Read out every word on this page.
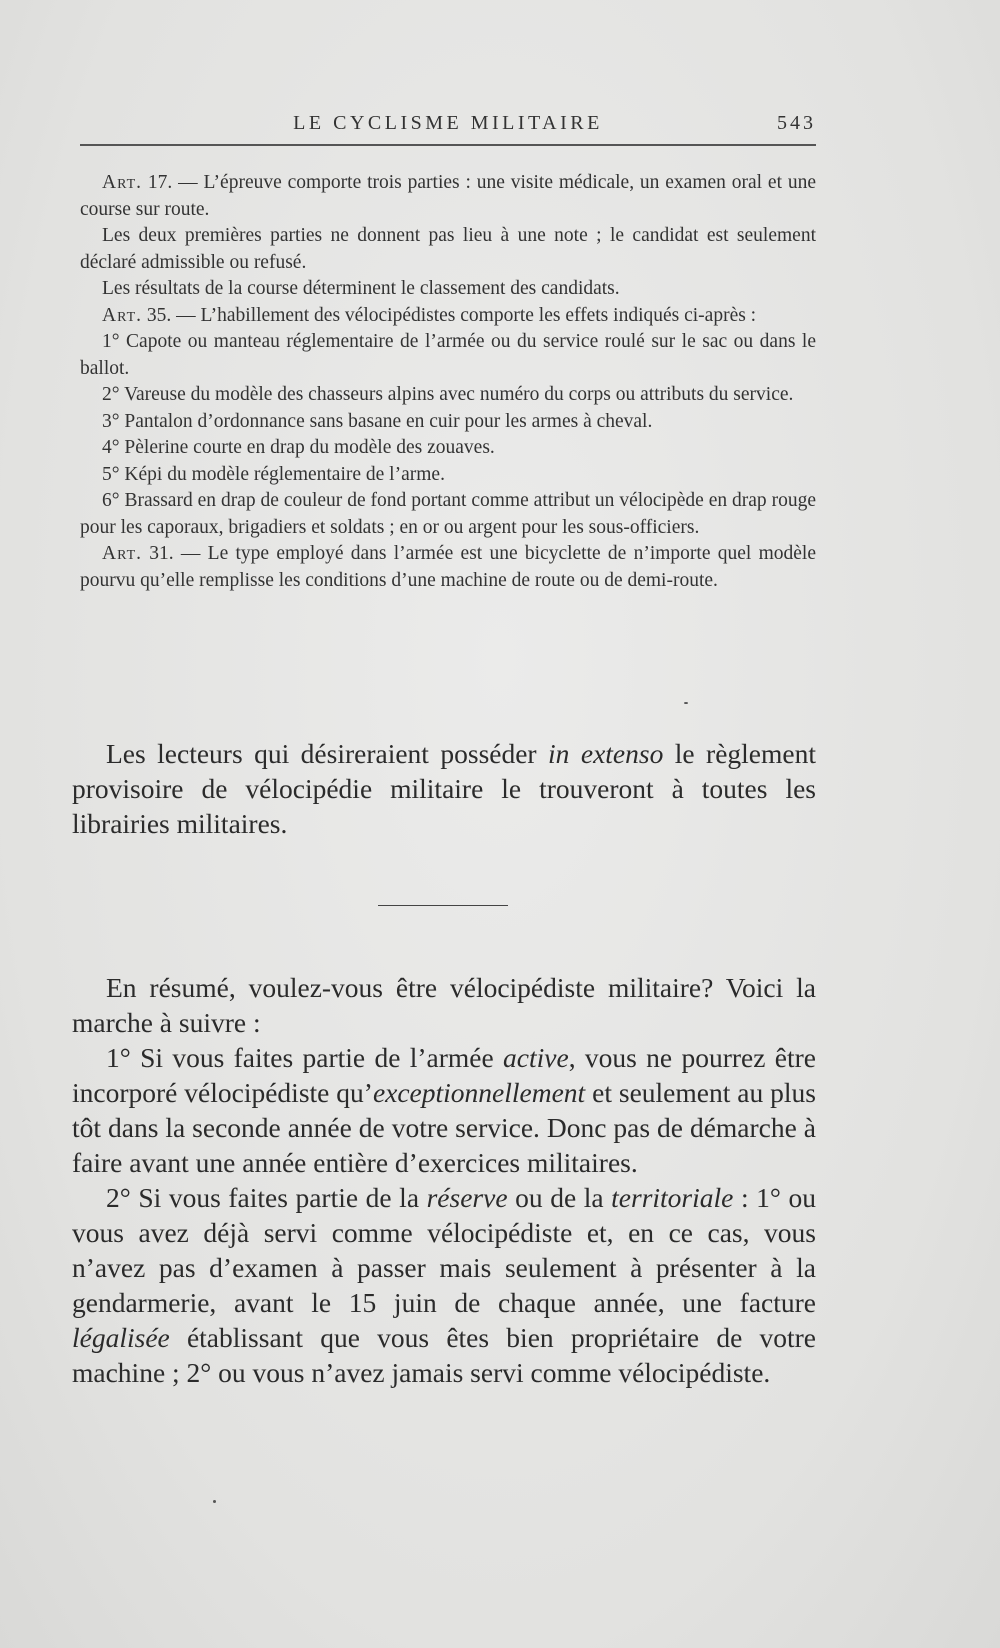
LE CYCLISME MILITAIRE	543

Art. 17. — L’épreuve comporte trois parties : une visite médicale, un examen oral et une course sur route.

Les deux premières parties ne donnent pas lieu à une note ; le candidat est seulement déclaré admissible ou refusé.

Les résultats de la course déterminent le classement des candidats.

Art. 35. — L’habillement des vélocipédistes comporte les effets indiqués ci-après :

1° Capote ou manteau réglementaire de l’armée ou du service roulé sur le sac ou dans le ballot.

2° Vareuse du modèle des chasseurs alpins avec numéro du corps ou attributs du service.

3° Pantalon d’ordonnance sans basane en cuir pour les armes à cheval.

4° Pèlerine courte en drap du modèle des zouaves.

5° Képi du modèle réglementaire de l’arme.

6° Brassard en drap de couleur de fond portant comme attribut un vélocipède en drap rouge pour les caporaux, brigadiers et soldats ; en or ou argent pour les sous-officiers.

Art. 31. — Le type employé dans l’armée est une bicyclette de n’importe quel modèle pourvu qu’elle remplisse les conditions d’une machine de route ou de demi-route.

Les lecteurs qui désireraient posséder in extenso le règlement provisoire de vélocipédie militaire le trouveront à toutes les librairies militaires.

En résumé, voulez-vous être vélocipédiste militaire? Voici la marche à suivre :

1° Si vous faites partie de l’armée active, vous ne pourrez être incorporé vélocipédiste qu’exceptionnellement et seulement au plus tôt dans la seconde année de votre service. Donc pas de démarche à faire avant une année entière d’exercices militaires.

2° Si vous faites partie de la réserve ou de la territoriale : 1° ou vous avez déjà servi comme vélocipédiste et, en ce cas, vous n’avez pas d’examen à passer mais seulement à présenter à la gendarmerie, avant le 15 juin de chaque année, une facture légalisée établissant que vous êtes bien propriétaire de votre machine ; 2° ou vous n’avez jamais servi comme vélocipédiste.
